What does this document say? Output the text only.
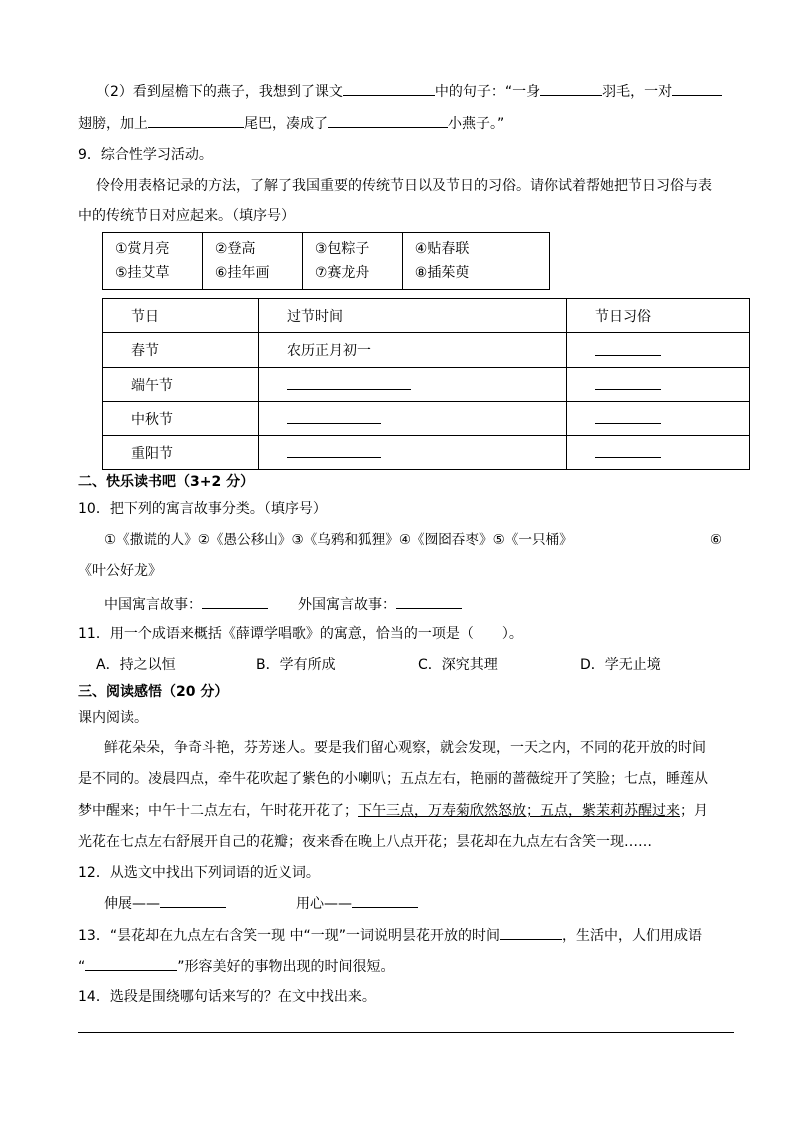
（2）看到屋檐下的燕子，我想到了课文	中的句子：“一身	羽毛，一对
翅膀，加上	尾巴，凑成了	小燕子。”
9．综合性学习活动。
伶伶用表格记录的方法，了解了我国重要的传统节日以及节日的习俗。请你试着帮她把节日习俗与表
中的传统节日对应起来。（填序号）
①赏月亮
⑤挂艾草

②登高
⑥挂年画

③包粽子
⑦赛龙舟

④贴春联
⑧插茱萸
节日	过节时间	节日习俗
春节	农历正月初一	
端午节		
中秋节		
重阳节		
二、快乐读书吧（3+2 分）
10．把下列的寓言故事分类。（填序号）
①《撒谎的人》②《愚公移山》③《乌鸦和狐狸》④《囫囵吞枣》⑤《一只桶》	⑥
《叶公好龙》
中国寓言故事：	外国寓言故事：
11．用一个成语来概括《薛谭学唱歌》的寓意，恰当的一项是（　　）。
A．持之以恒	B．学有所成	C．深究其理	D．学无止境
三、阅读感悟（20 分）
课内阅读。
鲜花朵朵，争奇斗艳，芬芳迷人。要是我们留心观察，就会发现，一天之内，不同的花开放的时间
是不同的。凌晨四点，牵牛花吹起了紫色的小喇叭；五点左右，艳丽的蔷薇绽开了笑脸；七点，睡莲从
梦中醒来；中午十二点左右，午时花开花了；下午三点，万寿菊欣然怒放；五点，紫茉莉苏醒过来；月
光花在七点左右舒展开自己的花瓣；夜来香在晚上八点开花；昙花却在九点左右含笑一现……
12．从选文中找出下列词语的近义词。
伸展——	用心——
13．“昙花却在九点左右含笑一现 中“一现”一词说明昙花开放的时间	，生活中，人们用成语
“	”形容美好的事物出现的时间很短。
14．选段是围绕哪句话来写的？在文中找出来。
